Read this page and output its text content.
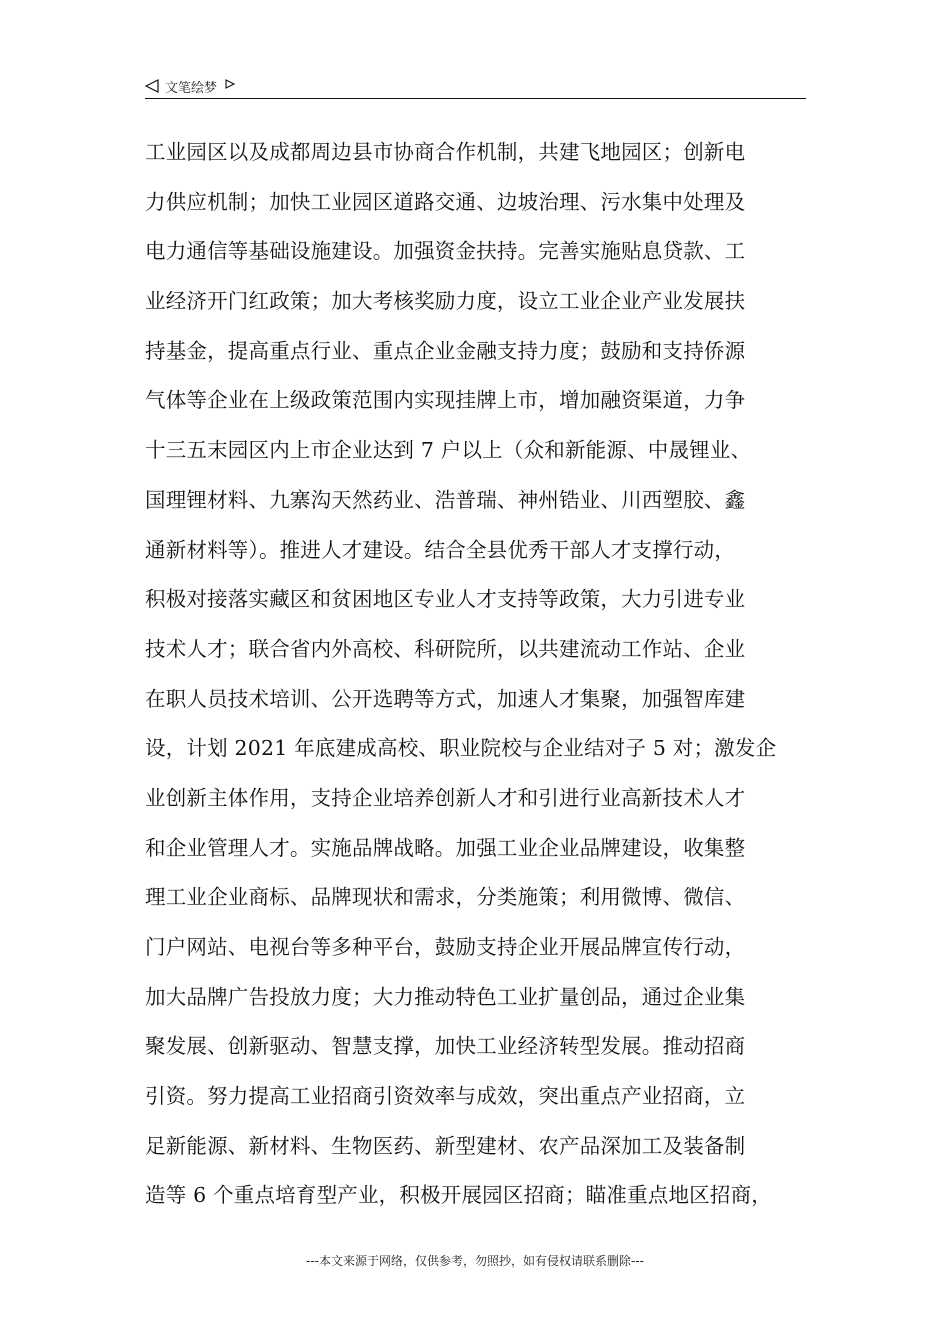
文笔绘梦
工业园区以及成都周边县市协商合作机制，共建飞地园区；创新电
力供应机制；加快工业园区道路交通、边坡治理、污水集中处理及
电力通信等基础设施建设。加强资金扶持。完善实施贴息贷款、工
业经济开门红政策；加大考核奖励力度，设立工业企业产业发展扶
持基金，提高重点行业、重点企业金融支持力度；鼓励和支持侨源
气体等企业在上级政策范围内实现挂牌上市，增加融资渠道，力争
十三五末园区内上市企业达到 7 户以上（众和新能源、中晟锂业、
国理锂材料、九寨沟天然药业、浩普瑞、神州锆业、川西塑胶、鑫
通新材料等）。推进人才建设。结合全县优秀干部人才支撑行动，
积极对接落实藏区和贫困地区专业人才支持等政策，大力引进专业
技术人才；联合省内外高校、科研院所，以共建流动工作站、企业
在职人员技术培训、公开选聘等方式，加速人才集聚，加强智库建
设，计划 2021 年底建成高校、职业院校与企业结对子 5 对；激发企
业创新主体作用，支持企业培养创新人才和引进行业高新技术人才
和企业管理人才。实施品牌战略。加强工业企业品牌建设，收集整
理工业企业商标、品牌现状和需求，分类施策；利用微博、微信、
门户网站、电视台等多种平台，鼓励支持企业开展品牌宣传行动，
加大品牌广告投放力度；大力推动特色工业扩量创品，通过企业集
聚发展、创新驱动、智慧支撑，加快工业经济转型发展。推动招商
引资。努力提高工业招商引资效率与成效，突出重点产业招商，立
足新能源、新材料、生物医药、新型建材、农产品深加工及装备制
造等 6 个重点培育型产业，积极开展园区招商；瞄准重点地区招商，
---本文来源于网络，仅供参考，勿照抄，如有侵权请联系删除---
